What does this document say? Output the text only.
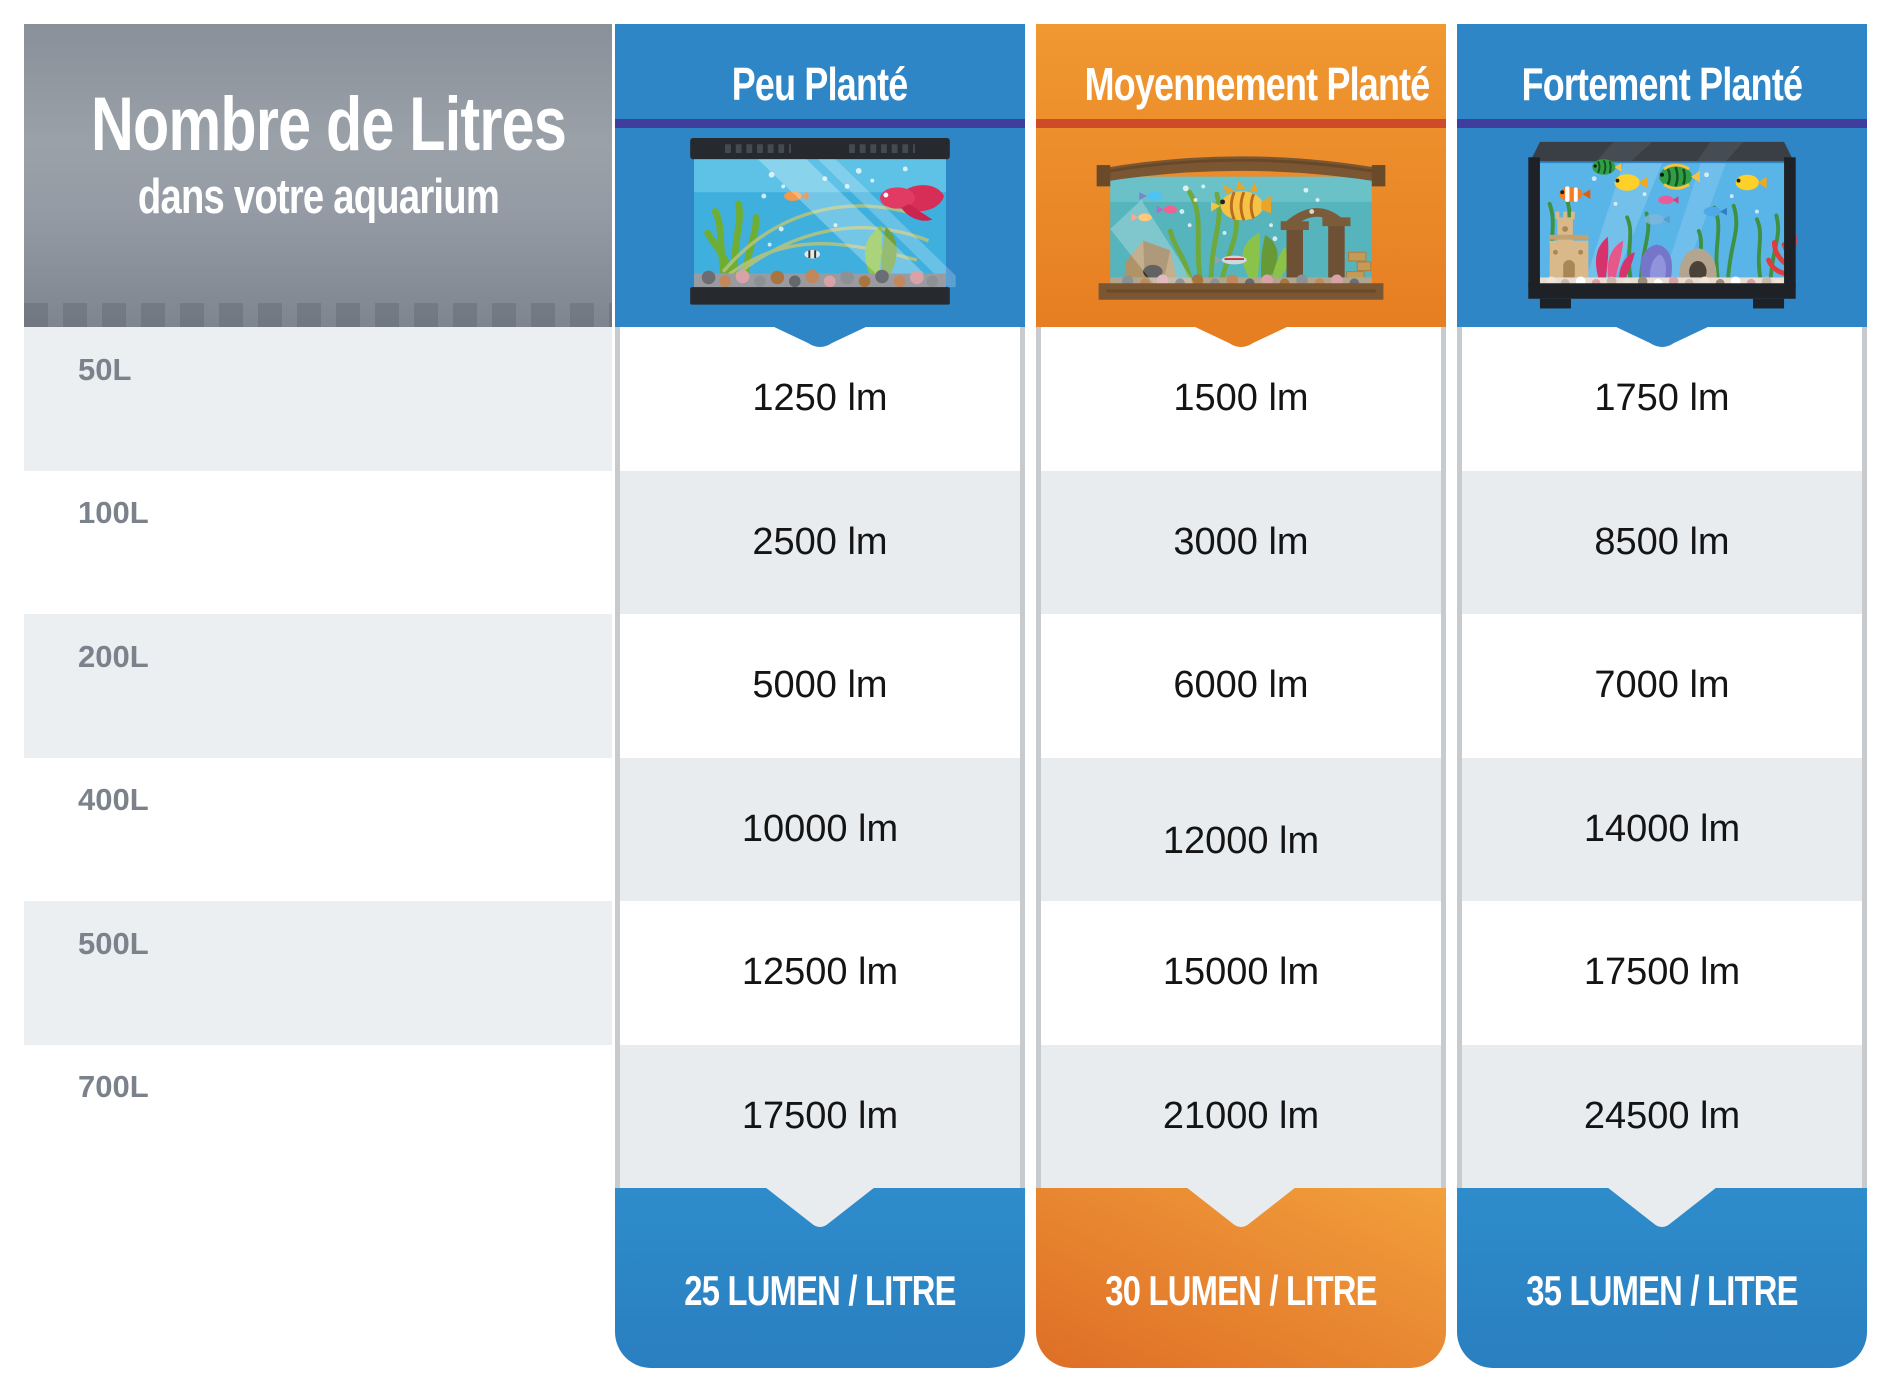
Nombre de Litres
dans votre aquarium
50L
100L
200L
400L
500L
700L
Peu Planté
1250 lm
2500 lm
5000 lm
10000 lm
12500 lm
17500 lm
25 LUMEN / LITRE
Moyennement Planté
1500 lm
3000 lm
6000 lm
12000 lm
15000 lm
21000 lm
30 LUMEN / LITRE
Fortement Planté
1750 lm
8500 lm
7000 lm
14000 lm
17500 lm
24500 lm
35 LUMEN / LITRE
